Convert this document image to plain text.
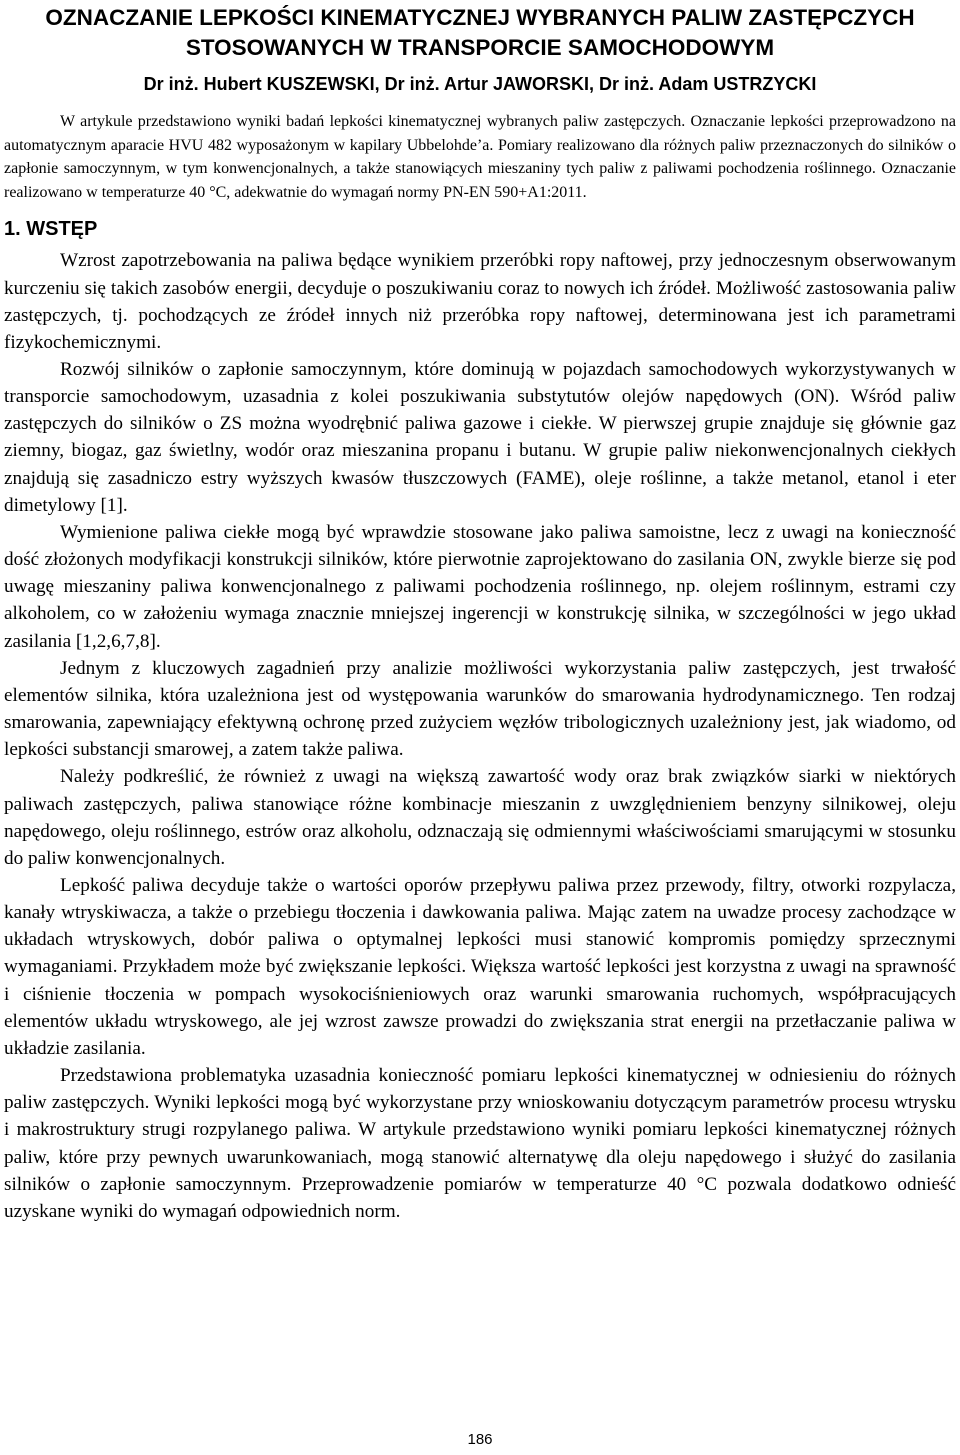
OZNACZANIE LEPKOŚCI KINEMATYCZNEJ WYBRANYCH PALIW ZASTĘPCZYCH STOSOWANYCH W TRANSPORCIE SAMOCHODOWYM

Dr inż. Hubert KUSZEWSKI, Dr inż. Artur JAWORSKI, Dr inż. Adam USTRZYCKI

W artykule przedstawiono wyniki badań lepkości kinematycznej wybranych paliw zastępczych. Oznaczanie lepkości przeprowadzono na automatycznym aparacie HVU 482 wyposażonym w kapilary Ubbelohde’a. Pomiary realizowano dla różnych paliw przeznaczonych do silników o zapłonie samoczynnym, w tym konwencjonalnych, a także stanowiących mieszaniny tych paliw z paliwami pochodzenia roślinnego. Oznaczanie realizowano w temperaturze 40 °C, adekwatnie do wymagań normy PN-EN 590+A1:2011.

1. WSTĘP

Wzrost zapotrzebowania na paliwa będące wynikiem przeróbki ropy naftowej, przy jednoczesnym obserwowanym kurczeniu się takich zasobów energii, decyduje o poszukiwaniu coraz to nowych ich źródeł. Możliwość zastosowania paliw zastępczych, tj. pochodzących ze źródeł innych niż przeróbka ropy naftowej, determinowana jest ich parametrami fizykochemicznymi.

Rozwój silników o zapłonie samoczynnym, które dominują w pojazdach samochodowych wykorzystywanych w transporcie samochodowym, uzasadnia z kolei poszukiwania substytutów olejów napędowych (ON). Wśród paliw zastępczych do silników o ZS można wyodrębnić paliwa gazowe i ciekłe. W pierwszej grupie znajduje się głównie gaz ziemny, biogaz, gaz świetlny, wodór oraz mieszanina propanu i butanu. W grupie paliw niekonwencjonalnych ciekłych znajdują się zasadniczo estry wyższych kwasów tłuszczowych (FAME), oleje roślinne, a także metanol, etanol i eter dimetylowy [1].

Wymienione paliwa ciekłe mogą być wprawdzie stosowane jako paliwa samoistne, lecz z uwagi na konieczność dość złożonych modyfikacji konstrukcji silników, które pierwotnie zaprojektowano do zasilania ON, zwykle bierze się pod uwagę mieszaniny paliwa konwencjonalnego z paliwami pochodzenia roślinnego, np. olejem roślinnym, estrami czy alkoholem, co w założeniu wymaga znacznie mniejszej ingerencji w konstrukcję silnika, w szczególności w jego układ zasilania [1,2,6,7,8].

Jednym z kluczowych zagadnień przy analizie możliwości wykorzystania paliw zastępczych, jest trwałość elementów silnika, która uzależniona jest od występowania warunków do smarowania hydrodynamicznego. Ten rodzaj smarowania, zapewniający efektywną ochronę przed zużyciem węzłów tribologicznych uzależniony jest, jak wiadomo, od lepkości substancji smarowej, a zatem także paliwa.

Należy podkreślić, że również z uwagi na większą zawartość wody oraz brak związków siarki w niektórych paliwach zastępczych, paliwa stanowiące różne kombinacje mieszanin z uwzględnieniem benzyny silnikowej, oleju napędowego, oleju roślinnego, estrów oraz alkoholu, odznaczają się odmiennymi właściwościami smarującymi w stosunku do paliw konwencjonalnych.

Lepkość paliwa decyduje także o wartości oporów przepływu paliwa przez przewody, filtry, otworki rozpylacza, kanały wtryskiwacza, a także o przebiegu tłoczenia i dawkowania paliwa. Mając zatem na uwadze procesy zachodzące w układach wtryskowych, dobór paliwa o optymalnej lepkości musi stanowić kompromis pomiędzy sprzecznymi wymaganiami. Przykładem może być zwiększanie lepkości. Większa wartość lepkości jest korzystna z uwagi na sprawność i ciśnienie tłoczenia w pompach wysokociśnieniowych oraz warunki smarowania ruchomych, współpracujących elementów układu wtryskowego, ale jej wzrost zawsze prowadzi do zwiększania strat energii na przetłaczanie paliwa w układzie zasilania.

Przedstawiona problematyka uzasadnia konieczność pomiaru lepkości kinematycznej w odniesieniu do różnych paliw zastępczych. Wyniki lepkości mogą być wykorzystane przy wnioskowaniu dotyczącym parametrów procesu wtrysku i makrostruktury strugi rozpylanego paliwa. W artykule przedstawiono wyniki pomiaru lepkości kinematycznej różnych paliw, które przy pewnych uwarunkowaniach, mogą stanowić alternatywę dla oleju napędowego i służyć do zasilania silników o zapłonie samoczynnym. Przeprowadzenie pomiarów w temperaturze 40 °C pozwala dodatkowo odnieść uzyskane wyniki do wymagań odpowiednich norm.

186
